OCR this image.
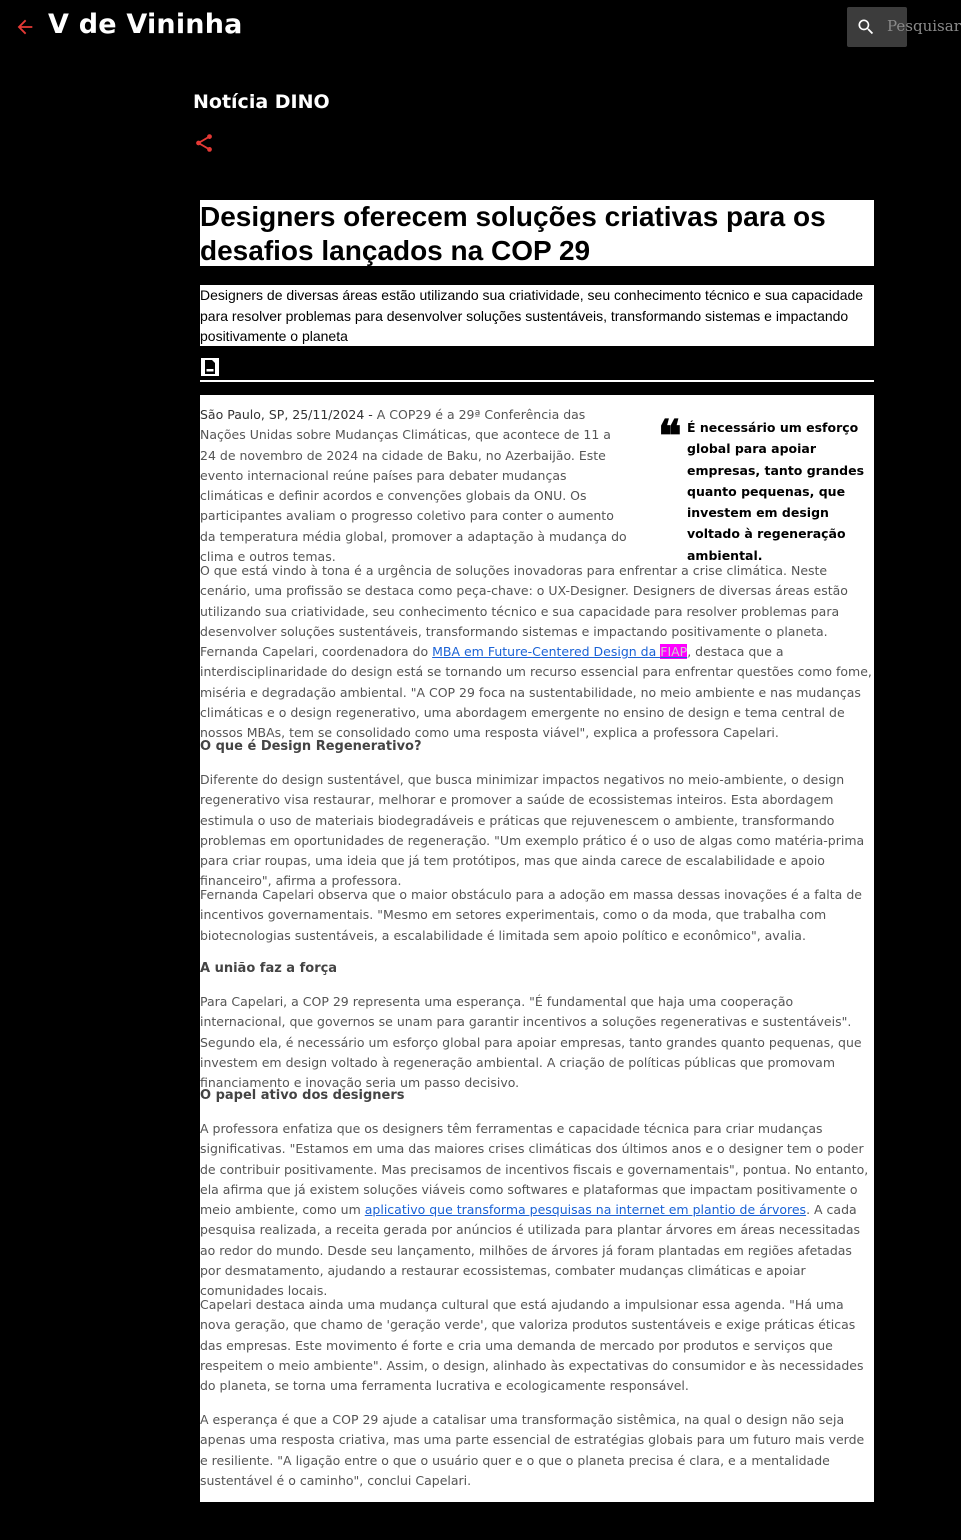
V de Vininha	Pesquisar
Notícia DINO
Designers oferecem soluções criativas para os desafios lançados na COP 29
Designers de diversas áreas estão utilizando sua criatividade, seu conhecimento técnico e sua capacidade para resolver problemas para desenvolver soluções sustentáveis, transformando sistemas e impactando positivamente o planeta
❝ É necessário um esforço global para apoiar empresas, tanto grandes quanto pequenas, que investem em design voltado à regeneração ambiental.

São Paulo, SP, 25/11/2024 - A COP29 é a 29ª Conferência das Nações Unidas sobre Mudanças Climáticas, que acontece de 11 a 24 de novembro de 2024 na cidade de Baku, no Azerbaijão. Este evento internacional reúne países para debater mudanças climáticas e definir acordos e convenções globais da ONU. Os participantes avaliam o progresso coletivo para conter o aumento da temperatura média global, promover a adaptação à mudança do clima e outros temas.

O que está vindo à tona é a urgência de soluções inovadoras para enfrentar a crise climática. Neste cenário, uma profissão se destaca como peça-chave: o UX-Designer. Designers de diversas áreas estão utilizando sua criatividade, seu conhecimento técnico e sua capacidade para resolver problemas para desenvolver soluções sustentáveis, transformando sistemas e impactando positivamente o planeta. Fernanda Capelari, coordenadora do MBA em Future-Centered Design da FIAP, destaca que a interdisciplinaridade do design está se tornando um recurso essencial para enfrentar questões como fome, miséria e degradação ambiental. "A COP 29 foca na sustentabilidade, no meio ambiente e nas mudanças climáticas e o design regenerativo, uma abordagem emergente no ensino de design e tema central de nossos MBAs, tem se consolidado como uma resposta viável", explica a professora Capelari.

O que é Design Regenerativo?

Diferente do design sustentável, que busca minimizar impactos negativos no meio-ambiente, o design regenerativo visa restaurar, melhorar e promover a saúde de ecossistemas inteiros. Esta abordagem estimula o uso de materiais biodegradáveis e práticas que rejuvenescem o ambiente, transformando problemas em oportunidades de regeneração. "Um exemplo prático é o uso de algas como matéria-prima para criar roupas, uma ideia que já tem protótipos, mas que ainda carece de escalabilidade e apoio financeiro", afirma a professora.

Fernanda Capelari observa que o maior obstáculo para a adoção em massa dessas inovações é a falta de incentivos governamentais. "Mesmo em setores experimentais, como o da moda, que trabalha com biotecnologias sustentáveis, a escalabilidade é limitada sem apoio político e econômico", avalia.

A união faz a força

Para Capelari, a COP 29 representa uma esperança. "É fundamental que haja uma cooperação internacional, que governos se unam para garantir incentivos a soluções regenerativas e sustentáveis". Segundo ela, é necessário um esforço global para apoiar empresas, tanto grandes quanto pequenas, que investem em design voltado à regeneração ambiental. A criação de políticas públicas que promovam financiamento e inovação seria um passo decisivo.

O papel ativo dos designers

A professora enfatiza que os designers têm ferramentas e capacidade técnica para criar mudanças significativas. "Estamos em uma das maiores crises climáticas dos últimos anos e o designer tem o poder de contribuir positivamente. Mas precisamos de incentivos fiscais e governamentais", pontua. No entanto, ela afirma que já existem soluções viáveis como softwares e plataformas que impactam positivamente o meio ambiente, como um aplicativo que transforma pesquisas na internet em plantio de árvores. A cada pesquisa realizada, a receita gerada por anúncios é utilizada para plantar árvores em áreas necessitadas ao redor do mundo. Desde seu lançamento, milhões de árvores já foram plantadas em regiões afetadas por desmatamento, ajudando a restaurar ecossistemas, combater mudanças climáticas e apoiar comunidades locais.

Capelari destaca ainda uma mudança cultural que está ajudando a impulsionar essa agenda. "Há uma nova geração, que chamo de 'geração verde', que valoriza produtos sustentáveis e exige práticas éticas das empresas. Este movimento é forte e cria uma demanda de mercado por produtos e serviços que respeitem o meio ambiente". Assim, o design, alinhado às expectativas do consumidor e às necessidades do planeta, se torna uma ferramenta lucrativa e ecologicamente responsável.

A esperança é que a COP 29 ajude a catalisar uma transformação sistêmica, na qual o design não seja apenas uma resposta criativa, mas uma parte essencial de estratégias globais para um futuro mais verde e resiliente. "A ligação entre o que o usuário quer e o que o planeta precisa é clara, e a mentalidade sustentável é o caminho", conclui Capelari.
